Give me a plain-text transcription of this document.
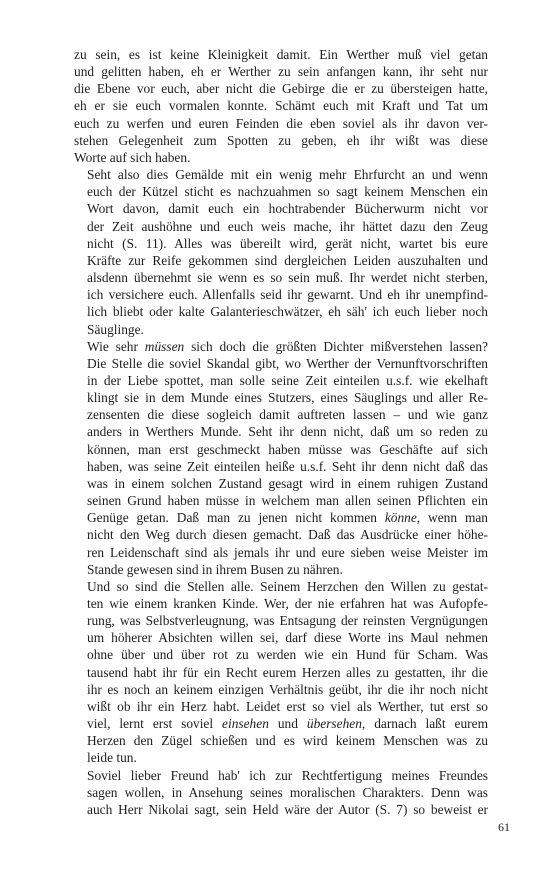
zu sein, es ist keine Kleinigkeit damit. Ein Werther muß viel getan
und gelitten haben, eh er Werther zu sein anfangen kann, ihr seht nur
die Ebene vor euch, aber nicht die Gebirge die er zu übersteigen hatte,
eh er sie euch vormalen konnte. Schämt euch mit Kraft und Tat um
euch zu werfen und euren Feinden die eben soviel als ihr davon ver-
stehen Gelegenheit zum Spotten zu geben, eh ihr wißt was diese
Worte auf sich haben.
Seht also dies Gemälde mit ein wenig mehr Ehrfurcht an und wenn
euch der Kützel sticht es nachzuahmen so sagt keinem Menschen ein
Wort davon, damit euch ein hochtrabender Bücherwurm nicht vor
der Zeit aushöhne und euch weis mache, ihr hättet dazu den Zeug
nicht (S. 11). Alles was übereilt wird, gerät nicht, wartet bis eure
Kräfte zur Reife gekommen sind dergleichen Leiden auszuhalten und
alsdenn übernehmt sie wenn es so sein muß. Ihr werdet nicht sterben,
ich versichere euch. Allenfalls seid ihr gewarnt. Und eh ihr unempfind-
lich bliebt oder kalte Galanterieschwätzer, eh säh' ich euch lieber noch
Säuglinge.
Wie sehr müssen sich doch die größten Dichter mißverstehen lassen?
Die Stelle die soviel Skandal gibt, wo Werther der Vernunftvorschriften
in der Liebe spottet, man solle seine Zeit einteilen u.s.f. wie ekelhaft
klingt sie in dem Munde eines Stutzers, eines Säuglings und aller Re-
zensenten die diese sogleich damit auftreten lassen – und wie ganz
anders in Werthers Munde. Seht ihr denn nicht, daß um so reden zu
können, man erst geschmeckt haben müsse was Geschäfte auf sich
haben, was seine Zeit einteilen heiße u.s.f. Seht ihr denn nicht daß das
was in einem solchen Zustand gesagt wird in einem ruhigen Zustand
seinen Grund haben müsse in welchem man allen seinen Pflichten ein
Genüge getan. Daß man zu jenen nicht kommen könne, wenn man
nicht den Weg durch diesen gemacht. Daß das Ausdrücke einer höhe-
ren Leidenschaft sind als jemals ihr und eure sieben weise Meister im
Stande gewesen sind in ihrem Busen zu nähren.
Und so sind die Stellen alle. Seinem Herzchen den Willen zu gestat-
ten wie einem kranken Kinde. Wer, der nie erfahren hat was Aufopfe-
rung, was Selbstverleugnung, was Entsagung der reinsten Vergnügungen
um höherer Absichten willen sei, darf diese Worte ins Maul nehmen
ohne über und über rot zu werden wie ein Hund für Scham. Was
tausend habt ihr für ein Recht eurem Herzen alles zu gestatten, ihr die
ihr es noch an keinem einzigen Verhältnis geübt, ihr die ihr noch nicht
wißt ob ihr ein Herz habt. Leidet erst so viel als Werther, tut erst so
viel, lernt erst soviel einsehen und übersehen, darnach laßt eurem
Herzen den Zügel schießen und es wird keinem Menschen was zu
leide tun.
Soviel lieber Freund hab' ich zur Rechtfertigung meines Freundes
sagen wollen, in Ansehung seines moralischen Charakters. Denn was
auch Herr Nikolai sagt, sein Held wäre der Autor (S. 7) so beweist er
61
